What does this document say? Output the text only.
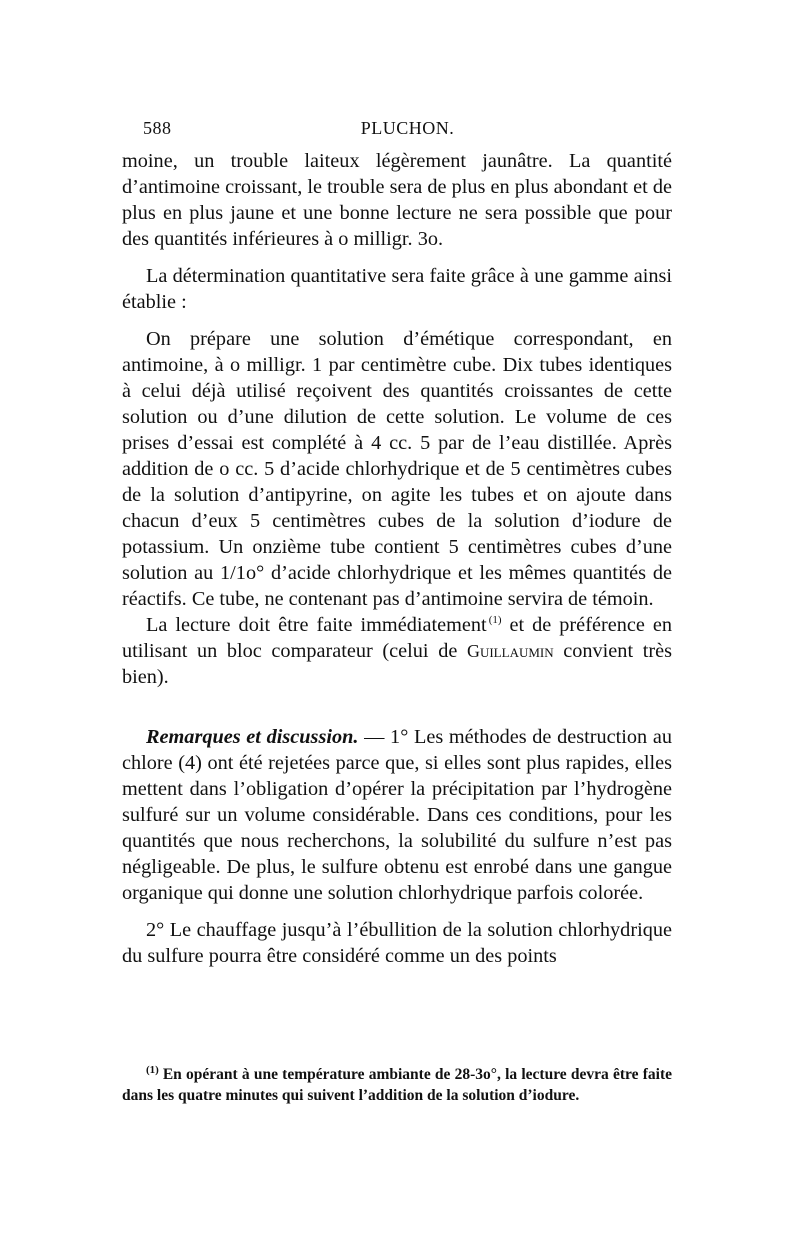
588	PLUCHON.

moine, un trouble laiteux légèrement jaunâtre. La quantité d’antimoine croissant, le trouble sera de plus en plus abondant et de plus en plus jaune et une bonne lecture ne sera possible que pour des quantités inférieures à o milligr. 3o.

La détermination quantitative sera faite grâce à une gamme ainsi établie :

On prépare une solution d’émétique correspondant, en antimoine, à o milligr. 1 par centimètre cube. Dix tubes identiques à celui déjà utilisé reçoivent des quantités croissantes de cette solution ou d’une dilution de cette solution. Le volume de ces prises d’essai est complété à 4 cc. 5 par de l’eau distillée. Après addition de o cc. 5 d’acide chlorhydrique et de 5 centimètres cubes de la solution d’antipyrine, on agite les tubes et on ajoute dans chacun d’eux 5 centimètres cubes de la solution d’iodure de potassium. Un onzième tube contient 5 centimètres cubes d’une solution au 1/1o° d’acide chlorhydrique et les mêmes quantités de réactifs. Ce tube, ne contenant pas d’antimoine servira de témoin.

La lecture doit être faite immédiatement $^{(1)}$ et de préférence en utilisant un bloc comparateur (celui de Guillaumin convient très bien).

Remarques et discussion. — 1° Les méthodes de destruction au chlore (4) ont été rejetées parce que, si elles sont plus rapides, elles mettent dans l’obligation d’opérer la précipitation par l’hydrogène sulfuré sur un volume considérable. Dans ces conditions, pour les quantités que nous recherchons, la solubilité du sulfure n’est pas négligeable. De plus, le sulfure obtenu est enrobé dans une gangue organique qui donne une solution chlorhydrique parfois colorée.

2° Le chauffage jusqu’à l’ébullition de la solution chlorhydrique du sulfure pourra être considéré comme un des points

$^{(1)}$ En opérant à une température ambiante de 28-3o°, la lecture devra être faite dans les quatre minutes qui suivent l’addition de la solution d’iodure.
